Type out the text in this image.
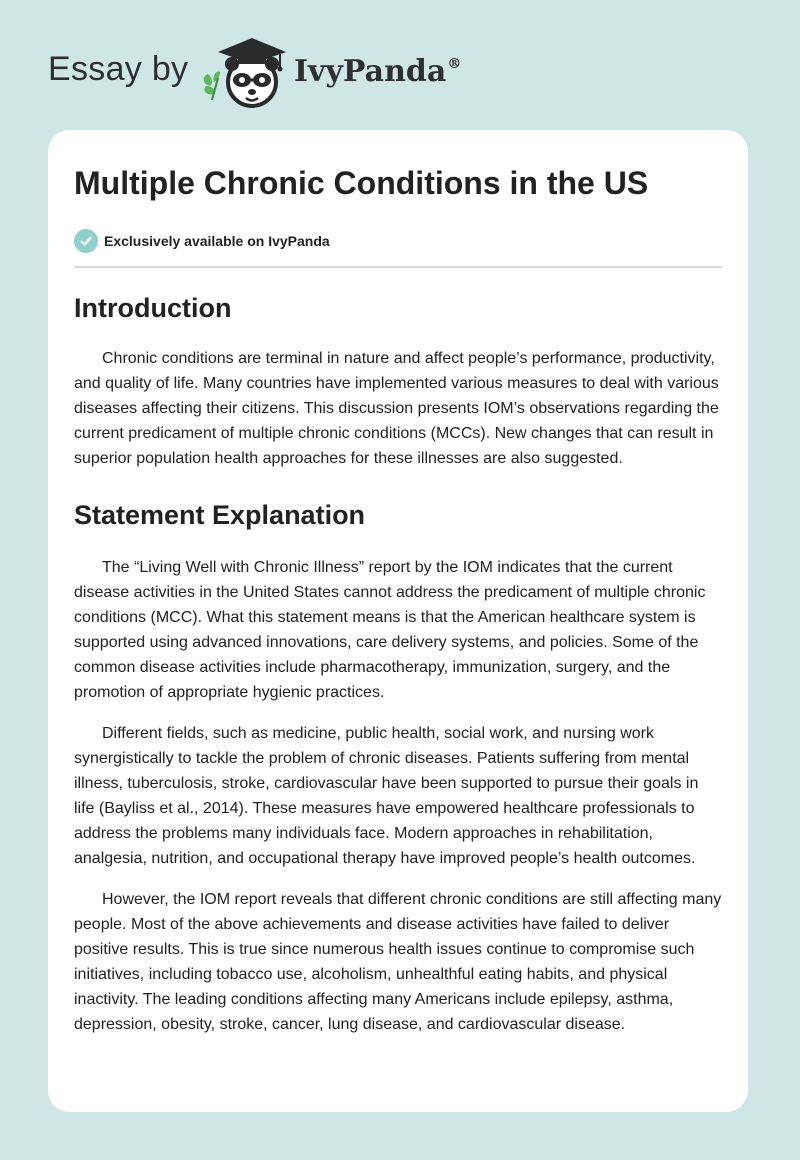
Essay by	IvyPanda®
Multiple Chronic Conditions in the US
Exclusively available on IvyPanda
Introduction

Chronic conditions are terminal in nature and affect people’s performance, productivity, and quality of life. Many countries have implemented various measures to deal with various diseases affecting their citizens. This discussion presents IOM’s observations regarding the current predicament of multiple chronic conditions (MCCs). New changes that can result in superior population health approaches for these illnesses are also suggested.

Statement Explanation

The “Living Well with Chronic Illness” report by the IOM indicates that the current disease activities in the United States cannot address the predicament of multiple chronic conditions (MCC). What this statement means is that the American healthcare system is supported using advanced innovations, care delivery systems, and policies. Some of the common disease activities include pharmacotherapy, immunization, surgery, and the promotion of appropriate hygienic practices.

Different fields, such as medicine, public health, social work, and nursing work synergistically to tackle the problem of chronic diseases. Patients suffering from mental illness, tuberculosis, stroke, cardiovascular have been supported to pursue their goals in life (Bayliss et al., 2014). These measures have empowered healthcare professionals to address the problems many individuals face. Modern approaches in rehabilitation, analgesia, nutrition, and occupational therapy have improved people’s health outcomes.

However, the IOM report reveals that different chronic conditions are still affecting many people. Most of the above achievements and disease activities have failed to deliver positive results. This is true since numerous health issues continue to compromise such initiatives, including tobacco use, alcoholism, unhealthful eating habits, and physical inactivity. The leading conditions affecting many Americans include epilepsy, asthma, depression, obesity, stroke, cancer, lung disease, and cardiovascular disease.
